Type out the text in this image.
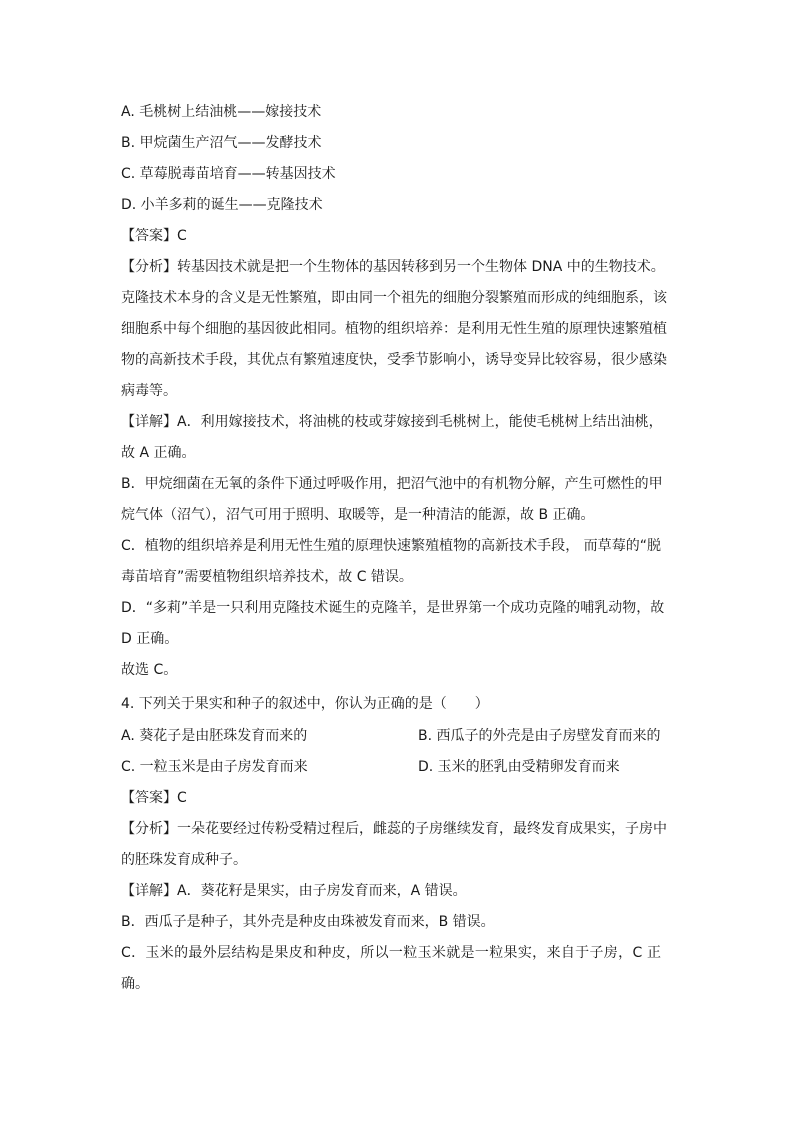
A. 毛桃树上结油桃——嫁接技术
B. 甲烷菌生产沼气——发酵技术
C. 草莓脱毒苗培育——转基因技术
D. 小羊多莉的诞生——克隆技术
【答案】C
【分析】转基因技术就是把一个生物体的基因转移到另一个生物体 DNA 中的生物技术。
克隆技术本身的含义是无性繁殖，即由同一个祖先的细胞分裂繁殖而形成的纯细胞系，该
细胞系中每个细胞的基因彼此相同。植物的组织培养：是利用无性生殖的原理快速繁殖植
物的高新技术手段，其优点有繁殖速度快，受季节影响小，诱导变异比较容易，很少感染
病毒等。
【详解】A．利用嫁接技术，将油桃的枝或芽嫁接到毛桃树上，能使毛桃树上结出油桃，
故 A 正确。
B．甲烷细菌在无氧的条件下通过呼吸作用，把沼气池中的有机物分解，产生可燃性的甲
烷气体（沼气），沼气可用于照明、取暖等，是一种清洁的能源，故 B 正确。
C．植物的组织培养是利用无性生殖的原理快速繁殖植物的高新技术手段， 而草莓的“脱
毒苗培育”需要植物组织培养技术，故 C 错误。
D．“多莉”羊是一只利用克隆技术诞生的克隆羊，是世界第一个成功克隆的哺乳动物，故
D 正确。
故选 C。
4. 下列关于果实和种子的叙述中，你认为正确的是（　　）
A. 葵花子是由胚珠发育而来的	B. 西瓜子的外壳是由子房壁发育而来的
C. 一粒玉米是由子房发育而来	D. 玉米的胚乳由受精卵发育而来
【答案】C
【分析】一朵花要经过传粉受精过程后，雌蕊的子房继续发育，最终发育成果实，子房中
的胚珠发育成种子。
【详解】A．葵花籽是果实，由子房发育而来，A 错误。
B．西瓜子是种子，其外壳是种皮由珠被发育而来，B 错误。
C．玉米的最外层结构是果皮和种皮，所以一粒玉米就是一粒果实，来自于子房，C 正
确。
